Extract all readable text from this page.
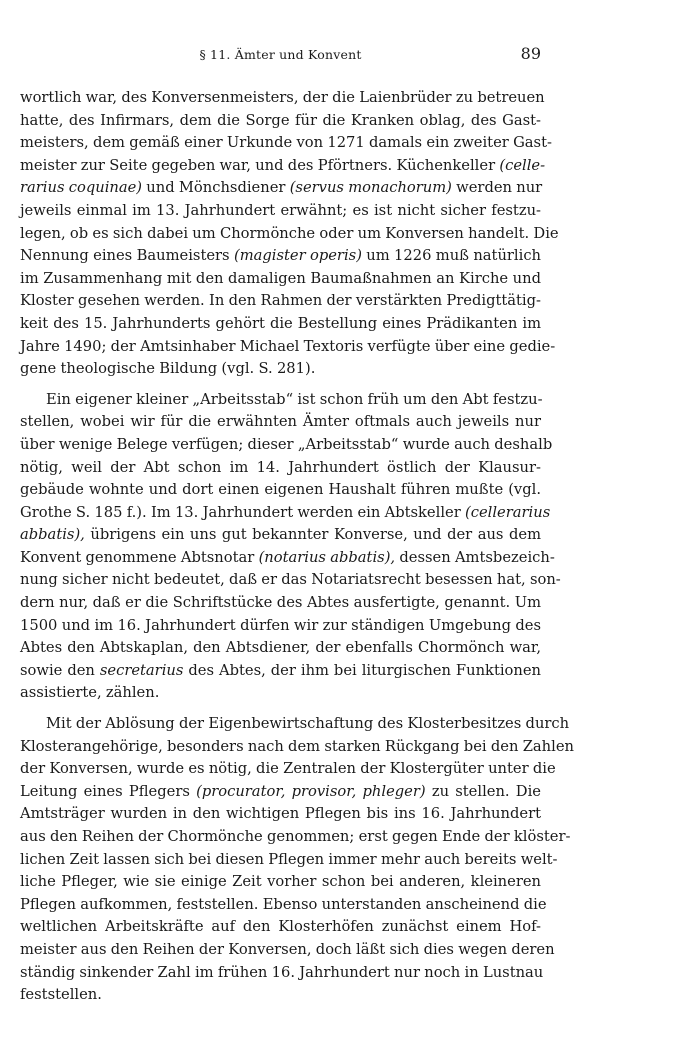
§ 11. Ämter und Konvent	89
wortlich war, des Konversenmeisters, der die Laienbrüder zu betreuen
hatte, des Infirmars, dem die Sorge für die Kranken oblag, des Gast-
meisters, dem gemäß einer Urkunde von 1271 damals ein zweiter Gast-
meister zur Seite gegeben war, und des Pförtners. Küchenkeller (celle-
rarius coquinae) und Mönchsdiener (servus monachorum) werden nur
jeweils einmal im 13. Jahrhundert erwähnt; es ist nicht sicher festzu-
legen, ob es sich dabei um Chormönche oder um Konversen handelt. Die
Nennung eines Baumeisters (magister operis) um 1226 muß natürlich
im Zusammenhang mit den damaligen Baumaßnahmen an Kirche und
Kloster gesehen werden. In den Rahmen der verstärkten Predigttätig-
keit des 15. Jahrhunderts gehört die Bestellung eines Prädikanten im
Jahre 1490; der Amtsinhaber Michael Textoris verfügte über eine gedie-
gene theologische Bildung (vgl. S. 281).
Ein eigener kleiner „Arbeitsstab“ ist schon früh um den Abt festzu-
stellen, wobei wir für die erwähnten Ämter oftmals auch jeweils nur
über wenige Belege verfügen; dieser „Arbeitsstab“ wurde auch deshalb
nötig, weil der Abt schon im 14. Jahrhundert östlich der Klausur-
gebäude wohnte und dort einen eigenen Haushalt führen mußte (vgl.
Grothe S. 185 f.). Im 13. Jahrhundert werden ein Abtskeller (cellerarius
abbatis), übrigens ein uns gut bekannter Konverse, und der aus dem
Konvent genommene Abtsnotar (notarius abbatis), dessen Amtsbezeich-
nung sicher nicht bedeutet, daß er das Notariatsrecht besessen hat, son-
dern nur, daß er die Schriftstücke des Abtes ausfertigte, genannt. Um
1500 und im 16. Jahrhundert dürfen wir zur ständigen Umgebung des
Abtes den Abtskaplan, den Abtsdiener, der ebenfalls Chormönch war,
sowie den secretarius des Abtes, der ihm bei liturgischen Funktionen
assistierte, zählen.
Mit der Ablösung der Eigenbewirtschaftung des Klosterbesitzes durch
Klosterangehörige, besonders nach dem starken Rückgang bei den Zahlen
der Konversen, wurde es nötig, die Zentralen der Klostergüter unter die
Leitung eines Pflegers (procurator, provisor, phleger) zu stellen. Die
Amtsträger wurden in den wichtigen Pflegen bis ins 16. Jahrhundert
aus den Reihen der Chormönche genommen; erst gegen Ende der klöster-
lichen Zeit lassen sich bei diesen Pflegen immer mehr auch bereits welt-
liche Pfleger, wie sie einige Zeit vorher schon bei anderen, kleineren
Pflegen aufkommen, feststellen. Ebenso unterstanden anscheinend die
weltlichen Arbeitskräfte auf den Klosterhöfen zunächst einem Hof-
meister aus den Reihen der Konversen, doch läßt sich dies wegen deren
ständig sinkender Zahl im frühen 16. Jahrhundert nur noch in Lustnau
feststellen.
